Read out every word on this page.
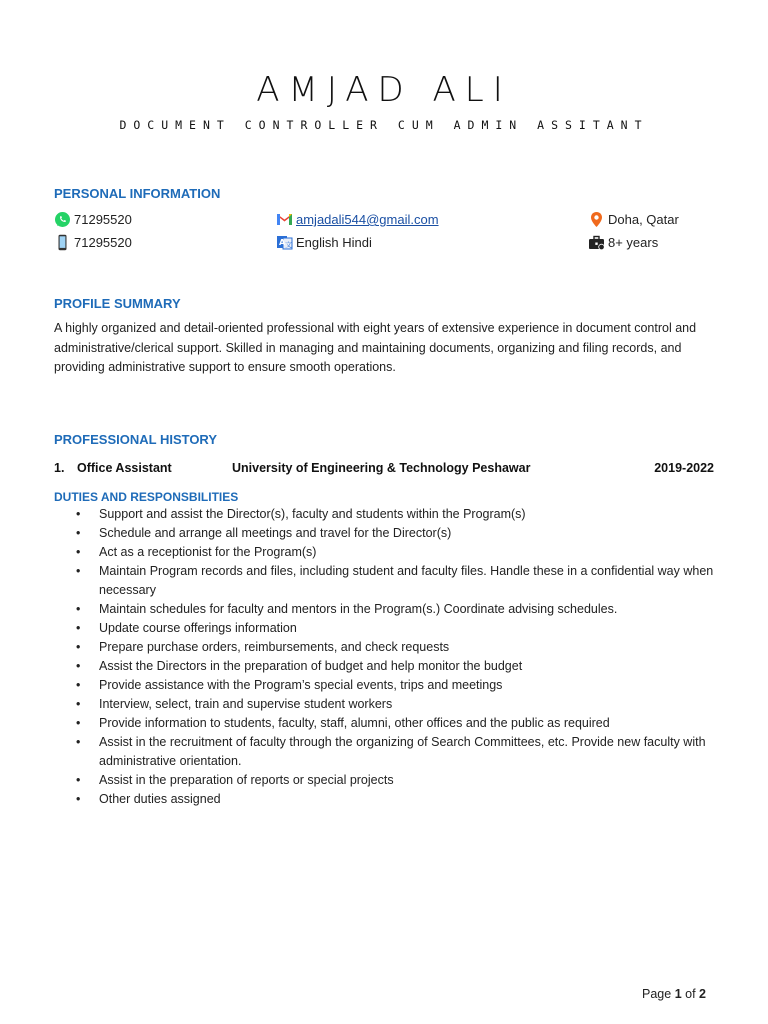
AMJAD ALI
DOCUMENT CONTROLLER CUM ADMIN ASSITANT
PERSONAL INFORMATION
71295520	amjadali544@gmail.com	Doha, Qatar
71295520	A 文 English Hindi	8+ years
PROFILE SUMMARY
A highly organized and detail-oriented professional with eight years of extensive experience in document control and administrative/clerical support. Skilled in managing and maintaining documents, organizing and filing records, and providing administrative support to ensure smooth operations.
PROFESSIONAL HISTORY
1. Office Assistant	University of Engineering & Technology Peshawar	2019-2022
DUTIES AND RESPONSBILITIES
• Support and assist the Director(s), faculty and students within the Program(s)
• Schedule and arrange all meetings and travel for the Director(s)
• Act as a receptionist for the Program(s)
• Maintain Program records and files, including student and faculty files. Handle these in a confidential way when necessary
• Maintain schedules for faculty and mentors in the Program(s.) Coordinate advising schedules.
• Update course offerings information
• Prepare purchase orders, reimbursements, and check requests
• Assist the Directors in the preparation of budget and help monitor the budget
• Provide assistance with the Program’s special events, trips and meetings
• Interview, select, train and supervise student workers
• Provide information to students, faculty, staff, alumni, other offices and the public as required
• Assist in the recruitment of faculty through the organizing of Search Committees, etc. Provide new faculty with administrative orientation.
• Assist in the preparation of reports or special projects
• Other duties assigned
Page 1 of 2
